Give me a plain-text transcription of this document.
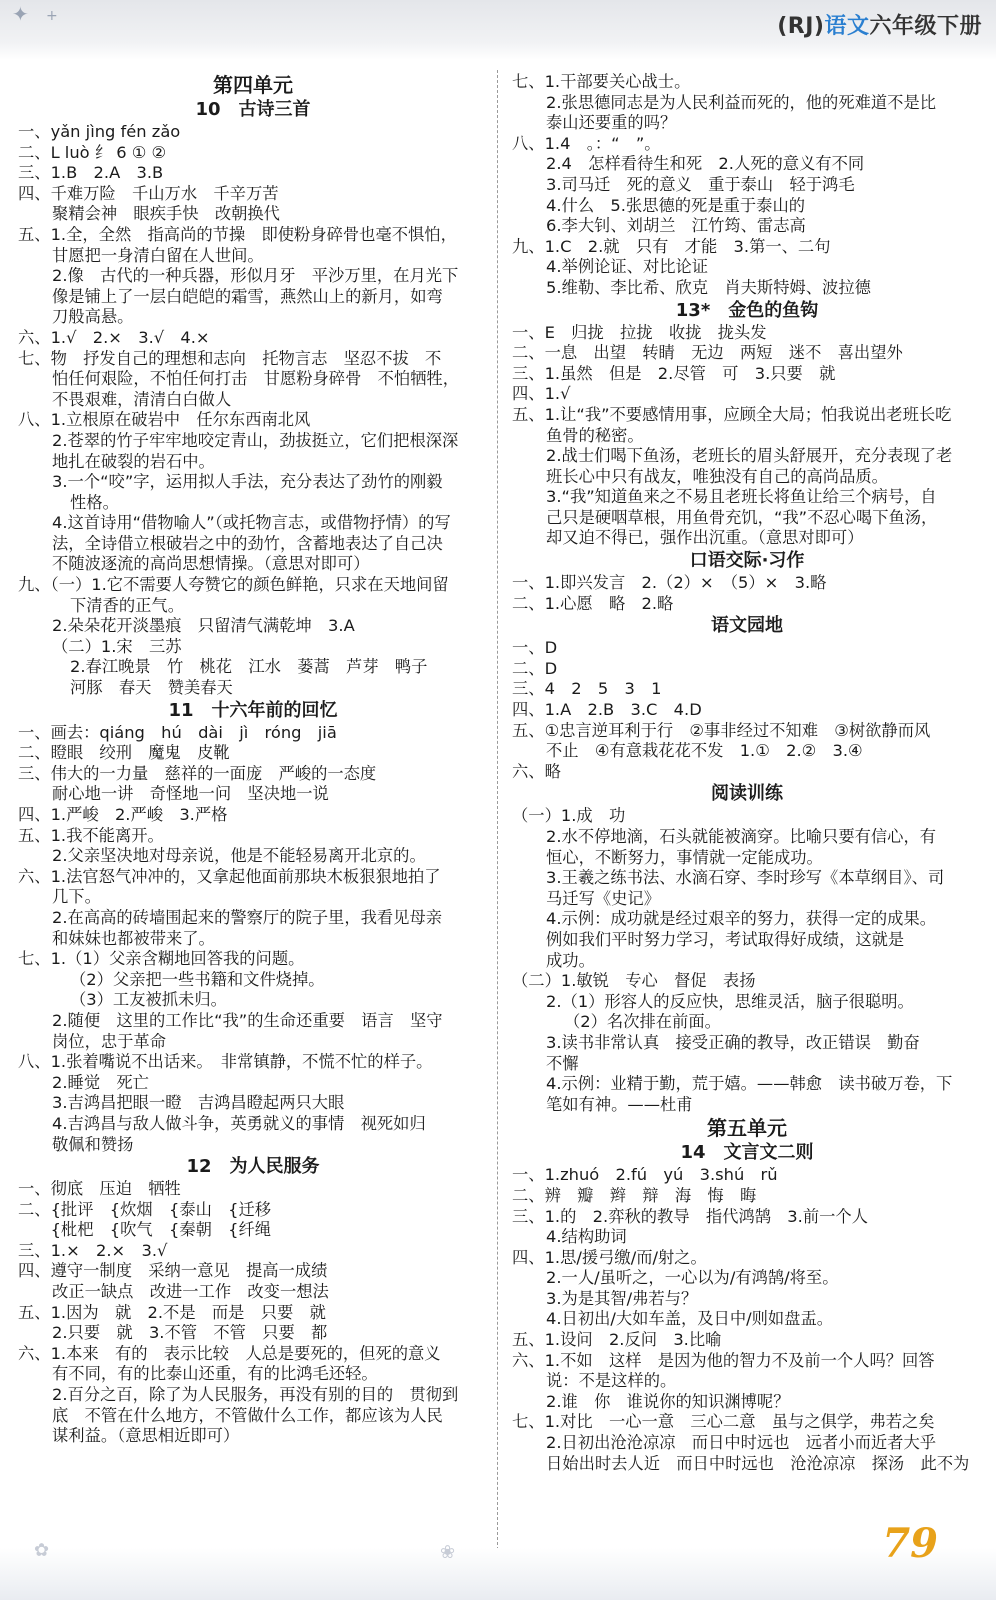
✦ +	(RJ)语文六年级下册
第四单元
10　古诗三首
一、yǎn jìng fén zǎo
二、L luò 纟 6 ① ②
三、1.B　2.A　3.B
四、千难万险　千山万水　千辛万苦
聚精会神　眼疾手快　改朝换代
五、1.全，全然　指高尚的节操　即使粉身碎骨也毫不惧怕，
甘愿把一身清白留在人世间。
2.像　古代的一种兵器，形似月牙　平沙万里，在月光下
像是铺上了一层白皑皑的霜雪，燕然山上的新月，如弯
刀般高悬。
六、1.√　2.×　3.√　4.×
七、物　抒发自己的理想和志向　托物言志　坚忍不拔　不
怕任何艰险，不怕任何打击　甘愿粉身碎骨　不怕牺牲，
不畏艰难，清清白白做人
八、1.立根原在破岩中　任尔东西南北风
2.苍翠的竹子牢牢地咬定青山，劲拔挺立，它们把根深深
地扎在破裂的岩石中。
3.一个“咬”字，运用拟人手法，充分表达了劲竹的刚毅
性格。
4.这首诗用“借物喻人”（或托物言志，或借物抒情）的写
法，全诗借立根破岩之中的劲竹，含蓄地表达了自己决
不随波逐流的高尚思想情操。（意思对即可）
九、（一）1.它不需要人夸赞它的颜色鲜艳，只求在天地间留
下清香的正气。
2.朵朵花开淡墨痕　只留清气满乾坤　3.A
（二）1.宋　三苏
2.春江晚景　竹　桃花　江水　蒌蒿　芦芽　鸭子
河豚　春天　赞美春天
11　十六年前的回忆
一、画去：qiáng　hú　dài　jì　róng　jiā
二、瞪眼　绞刑　魔鬼　皮靴
三、伟大的一力量　慈祥的一面庞　严峻的一态度
耐心地一讲　奇怪地一问　坚决地一说
四、1.严峻　2.严峻　3.严格
五、1.我不能离开。
2.父亲坚决地对母亲说，他是不能轻易离开北京的。
六、1.法官怒气冲冲的，又拿起他面前那块木板狠狠地拍了
几下。
2.在高高的砖墙围起来的警察厅的院子里，我看见母亲
和妹妹也都被带来了。
七、1.（1）父亲含糊地回答我的问题。
（2）父亲把一些书籍和文件烧掉。
（3）工友被抓未归。
2.随便　这里的工作比“我”的生命还重要　语言　坚守
岗位，忠于革命
八、1.张着嘴说不出话来。　非常镇静，不慌不忙的样子。
2.睡觉　死亡
3.吉鸿昌把眼一瞪　吉鸿昌瞪起两只大眼
4.吉鸿昌与敌人做斗争，英勇就义的事情　视死如归
敬佩和赞扬
12　为人民服务
一、彻底　压迫　牺牲
二、{批评　{炊烟　{泰山　{迁移
　　{枇杷　{吹气　{秦朝　{纤绳
三、1.×　2.×　3.√
四、遵守一制度　采纳一意见　提高一成绩
改正一缺点　改进一工作　改变一想法
五、1.因为　就　2.不是　而是　只要　就
2.只要　就　3.不管　不管　只要　都
六、1.本来　有的　表示比较　人总是要死的，但死的意义
有不同，有的比泰山还重，有的比鸿毛还轻。
2.百分之百，除了为人民服务，再没有别的目的　贯彻到
底　不管在什么地方，不管做什么工作，都应该为人民
谋利益。（意思相近即可）
七、1.干部要关心战士。
2.张思德同志是为人民利益而死的，他的死难道不是比
泰山还要重的吗？
八、1.4　。：“　”。
2.4　怎样看待生和死　2.人死的意义有不同
3.司马迁　死的意义　重于泰山　轻于鸿毛
4.什么　5.张思德的死是重于泰山的
6.李大钊、刘胡兰　江竹筠、雷志高
九、1.C　2.就　只有　才能　3.第一、二句
4.举例论证、对比论证
5.维勒、李比希、欣克　肖夫斯特姆、波拉德
13*　金色的鱼钩
一、E　归拢　拉拢　收拢　拢头发
二、一息　出望　转睛　无边　两短　迷不　喜出望外
三、1.虽然　但是　2.尽管　可　3.只要　就
四、1.√
五、1.让“我”不要感情用事，应顾全大局；怕我说出老班长吃
鱼骨的秘密。
2.战士们喝下鱼汤，老班长的眉头舒展开，充分表现了老
班长心中只有战友，唯独没有自己的高尚品质。
3.“我”知道鱼来之不易且老班长将鱼让给三个病号，自
己只是硬咽草根，用鱼骨充饥，“我”不忍心喝下鱼汤，
却又迫不得已，强作出沉重。（意思对即可）
口语交际·习作
一、1.即兴发言　2.（2）×　（5）×　3.略
二、1.心愿　略　2.略
语文园地
一、D
二、D
三、4　2　5　3　1
四、1.A　2.B　3.C　4.D
五、①忠言逆耳利于行　②事非经过不知难　③树欲静而风
不止　④有意栽花花不发　1.①　2.②　3.④
六、略
阅读训练
（一）1.成　功
2.水不停地滴，石头就能被滴穿。比喻只要有信心，有
恒心，不断努力，事情就一定能成功。
3.王羲之练书法、水滴石穿、李时珍写《本草纲目》、司
马迁写《史记》
4.示例：成功就是经过艰辛的努力，获得一定的成果。
例如我们平时努力学习，考试取得好成绩，这就是
成功。
（二）1.敏锐　专心　督促　表扬
2.（1）形容人的反应快，思维灵活，脑子很聪明。
（2）名次排在前面。
3.读书非常认真　接受正确的教导，改正错误　勤奋
不懈
4.示例：业精于勤，荒于嬉。——韩愈　读书破万卷，下
笔如有神。——杜甫
第五单元
14　文言文二则
一、1.zhuó　2.fú　yú　3.shú　rǔ
二、辨　瓣　辫　辩　海　悔　晦
三、1.的　2.弈秋的教导　指代鸿鹄　3.前一个人
4.结构助词
四、1.思/援弓缴/而/射之。
2.一人/虽听之，一心以为/有鸿鹄/将至。
3.为是其智/弗若与？
4.日初出/大如车盖，及日中/则如盘盂。
五、1.设问　2.反问　3.比喻
六、1.不如　这样　是因为他的智力不及前一个人吗？回答
说：不是这样的。
2.谁　你　谁说你的知识渊博呢？
七、1.对比　一心一意　三心二意　虽与之俱学，弗若之矣
2.日初出沧沧凉凉　而日中时远也　远者小而近者大乎
日始出时去人近　而日中时远也　沧沧凉凉　探汤　此不为
✿	❀	79
